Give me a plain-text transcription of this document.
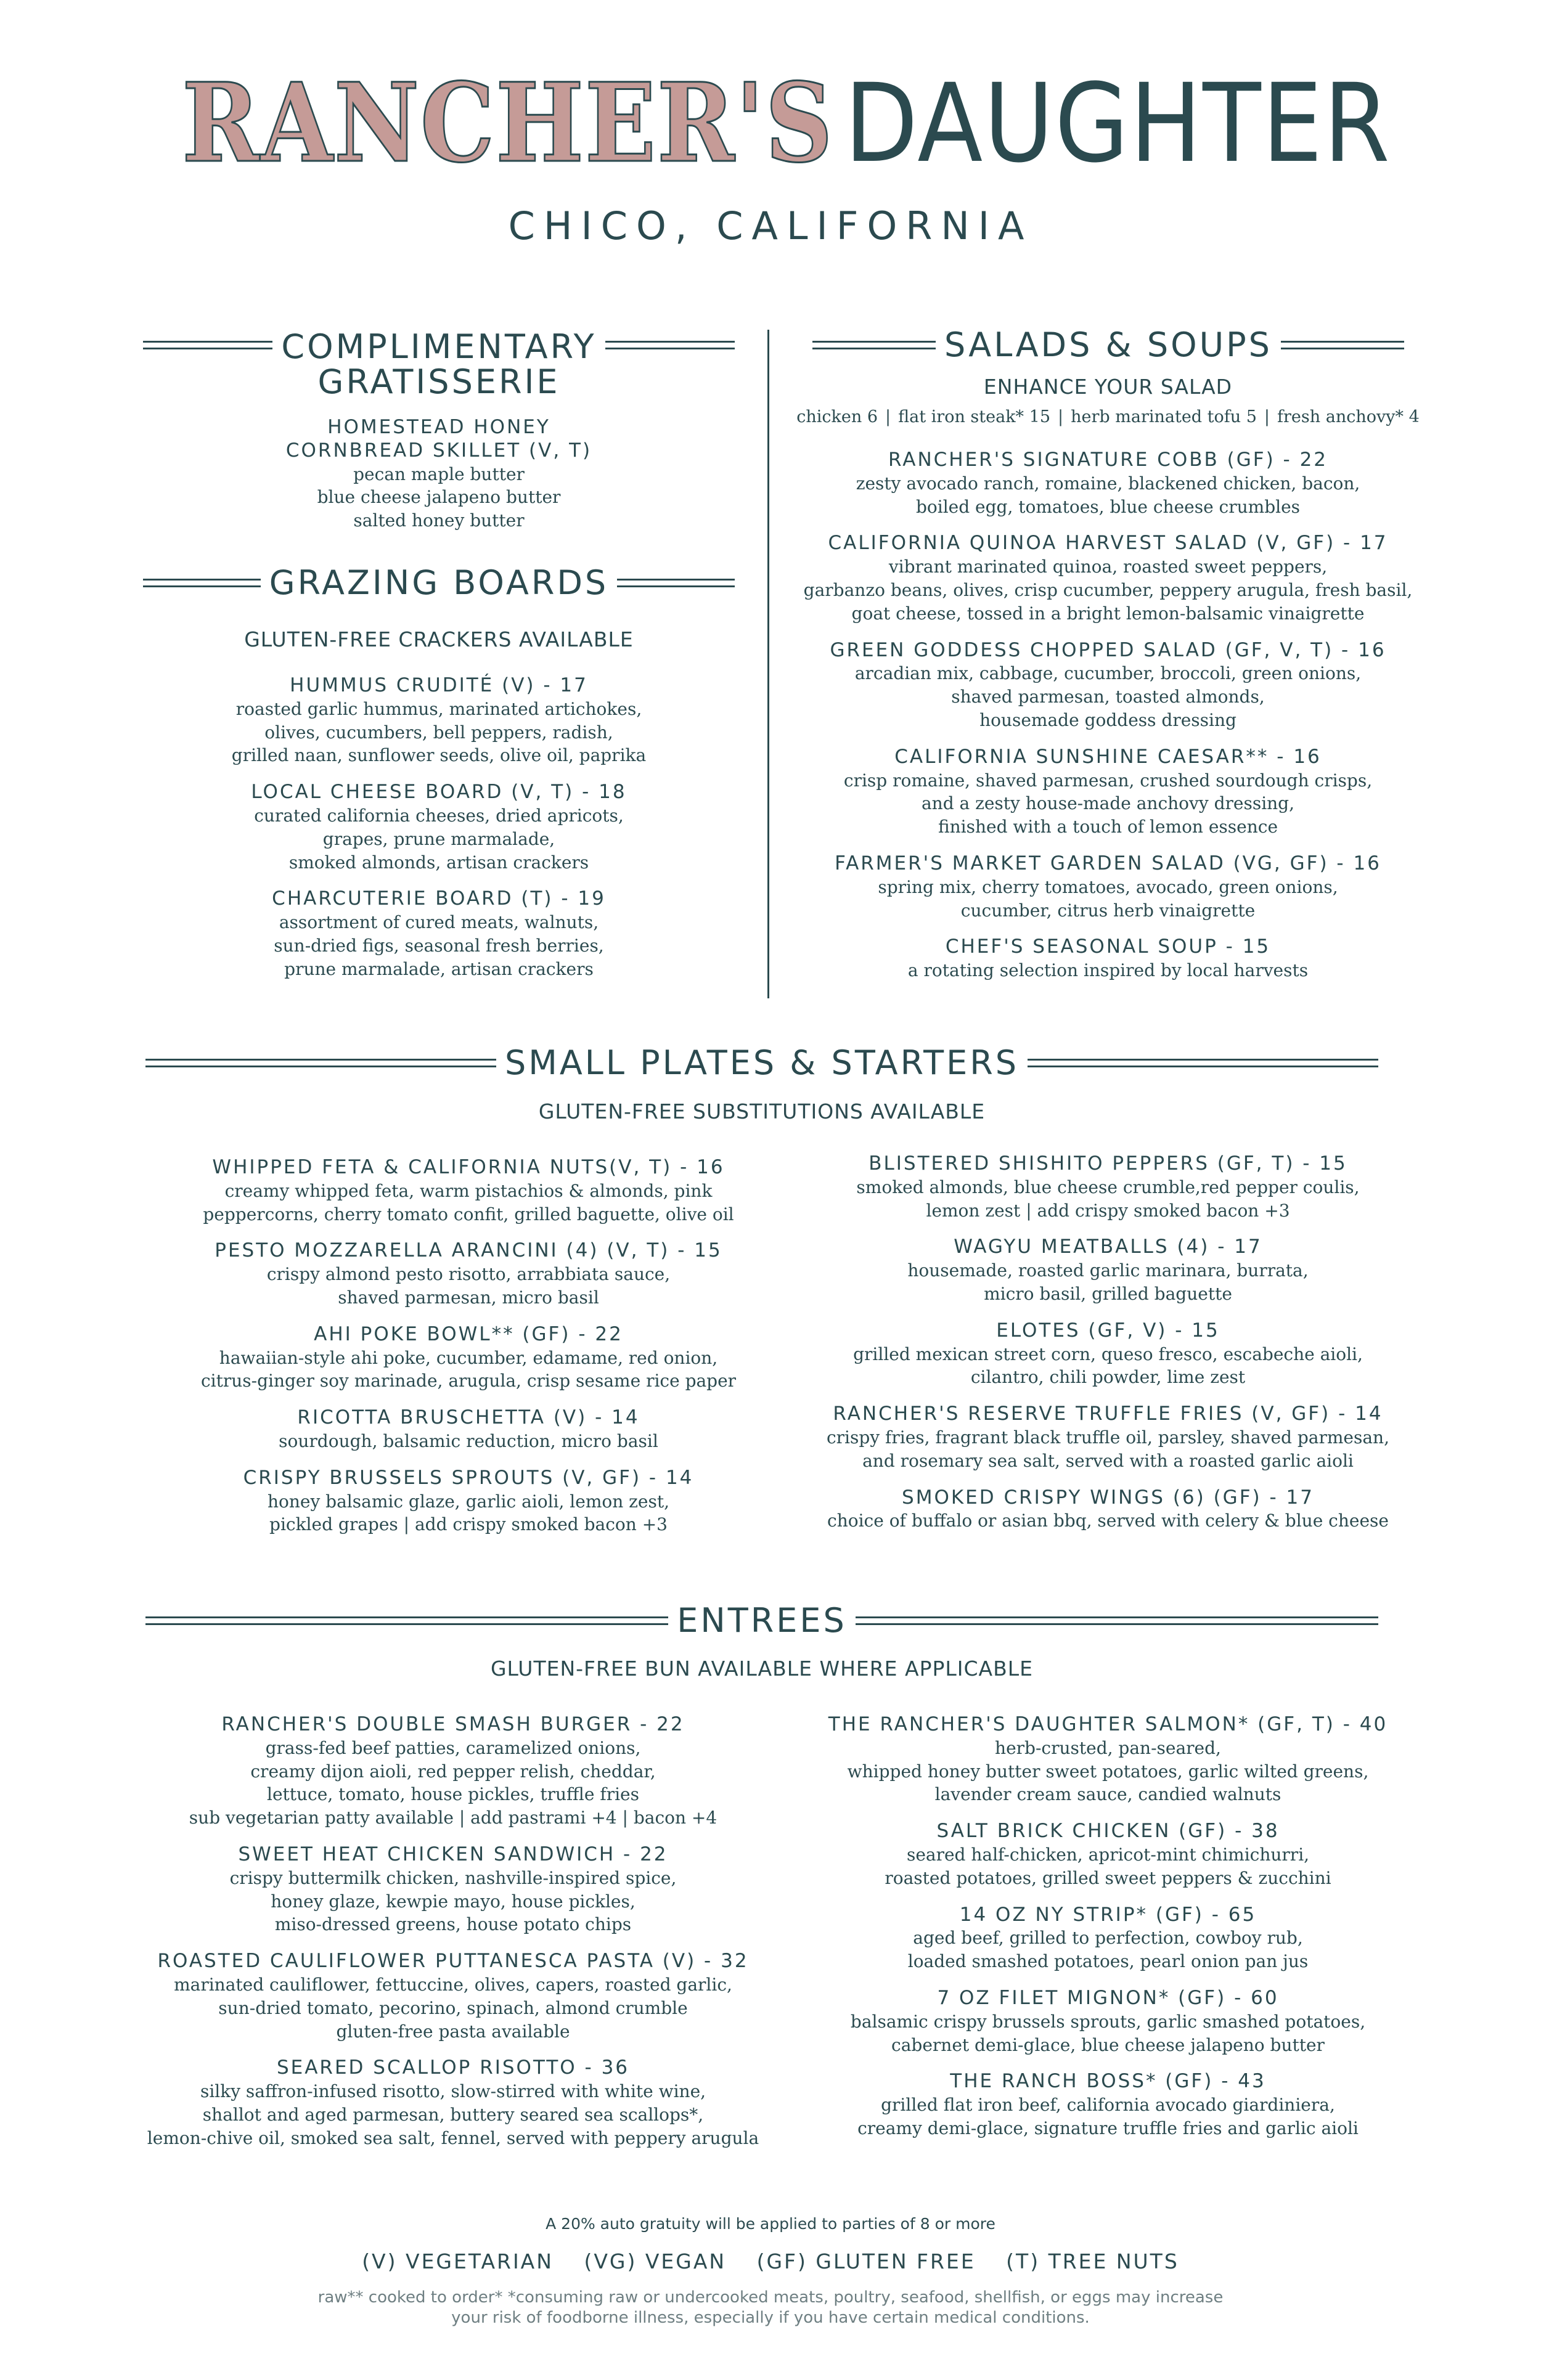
RANCHER'S DAUGHTER
CHICO, CALIFORNIA
COMPLIMENTARY
GRATISSERIE
HOMESTEAD HONEY
CORNBREAD SKILLET (V, T)
pecan maple butter
blue cheese jalapeno butter
salted honey butter
GRAZING BOARDS
GLUTEN-FREE CRACKERS AVAILABLE
HUMMUS CRUDITÉ (V) - 17
roasted garlic hummus, marinated artichokes,
olives, cucumbers, bell peppers, radish,
grilled naan, sunflower seeds, olive oil, paprika
LOCAL CHEESE BOARD (V, T) - 18
curated california cheeses, dried apricots,
grapes, prune marmalade,
smoked almonds, artisan crackers
CHARCUTERIE BOARD (T) - 19
assortment of cured meats, walnuts,
sun-dried figs, seasonal fresh berries,
prune marmalade, artisan crackers
SALADS & SOUPS
ENHANCE YOUR SALAD
chicken 6 | flat iron steak* 15 | herb marinated tofu 5 | fresh anchovy* 4
RANCHER'S SIGNATURE COBB (GF) - 22
zesty avocado ranch, romaine, blackened chicken, bacon,
boiled egg, tomatoes, blue cheese crumbles
CALIFORNIA QUINOA HARVEST SALAD (V, GF) - 17
vibrant marinated quinoa, roasted sweet peppers,
garbanzo beans, olives, crisp cucumber, peppery arugula, fresh basil,
goat cheese, tossed in a bright lemon-balsamic vinaigrette
GREEN GODDESS CHOPPED SALAD (GF, V, T) - 16
arcadian mix, cabbage, cucumber, broccoli, green onions,
shaved parmesan, toasted almonds,
housemade goddess dressing
CALIFORNIA SUNSHINE CAESAR** - 16
crisp romaine, shaved parmesan, crushed sourdough crisps,
and a zesty house-made anchovy dressing,
finished with a touch of lemon essence
FARMER'S MARKET GARDEN SALAD (VG, GF) - 16
spring mix, cherry tomatoes, avocado, green onions,
cucumber, citrus herb vinaigrette
CHEF'S SEASONAL SOUP - 15
a rotating selection inspired by local harvests
SMALL PLATES & STARTERS
GLUTEN-FREE SUBSTITUTIONS AVAILABLE
WHIPPED FETA & CALIFORNIA NUTS(V, T) - 16
creamy whipped feta, warm pistachios & almonds, pink
peppercorns, cherry tomato confit, grilled baguette, olive oil
PESTO MOZZARELLA ARANCINI (4) (V, T) - 15
crispy almond pesto risotto, arrabbiata sauce,
shaved parmesan, micro basil
AHI POKE BOWL** (GF) - 22
hawaiian-style ahi poke, cucumber, edamame, red onion,
citrus-ginger soy marinade, arugula, crisp sesame rice paper
RICOTTA BRUSCHETTA (V) - 14
sourdough, balsamic reduction, micro basil
CRISPY BRUSSELS SPROUTS (V, GF) - 14
honey balsamic glaze, garlic aioli, lemon zest,
pickled grapes | add crispy smoked bacon +3
BLISTERED SHISHITO PEPPERS (GF, T) - 15
smoked almonds, blue cheese crumble,red pepper coulis,
lemon zest | add crispy smoked bacon +3
WAGYU MEATBALLS (4) - 17
housemade, roasted garlic marinara, burrata,
micro basil, grilled baguette
ELOTES (GF, V) - 15
grilled mexican street corn, queso fresco, escabeche aioli,
cilantro, chili powder, lime zest
RANCHER'S RESERVE TRUFFLE FRIES (V, GF) - 14
crispy fries, fragrant black truffle oil, parsley, shaved parmesan,
and rosemary sea salt, served with a roasted garlic aioli
SMOKED CRISPY WINGS (6) (GF) - 17
choice of buffalo or asian bbq, served with celery & blue cheese
ENTREES
GLUTEN-FREE BUN AVAILABLE WHERE APPLICABLE
RANCHER'S DOUBLE SMASH BURGER - 22
grass-fed beef patties, caramelized onions,
creamy dijon aioli, red pepper relish, cheddar,
lettuce, tomato, house pickles, truffle fries
sub vegetarian patty available | add pastrami +4 | bacon +4
SWEET HEAT CHICKEN SANDWICH - 22
crispy buttermilk chicken, nashville-inspired spice,
honey glaze, kewpie mayo, house pickles,
miso-dressed greens, house potato chips
ROASTED CAULIFLOWER PUTTANESCA PASTA (V) - 32
marinated cauliflower, fettuccine, olives, capers, roasted garlic,
sun-dried tomato, pecorino, spinach, almond crumble
gluten-free pasta available
SEARED SCALLOP RISOTTO - 36
silky saffron-infused risotto, slow-stirred with white wine,
shallot and aged parmesan, buttery seared sea scallops*,
lemon-chive oil, smoked sea salt, fennel, served with peppery arugula
THE RANCHER'S DAUGHTER SALMON* (GF, T) - 40
herb-crusted, pan-seared,
whipped honey butter sweet potatoes, garlic wilted greens,
lavender cream sauce, candied walnuts
SALT BRICK CHICKEN (GF) - 38
seared half-chicken, apricot-mint chimichurri,
roasted potatoes, grilled sweet peppers & zucchini
14 OZ NY STRIP* (GF) - 65
aged beef, grilled to perfection, cowboy rub,
loaded smashed potatoes, pearl onion pan jus
7 OZ FILET MIGNON* (GF) - 60
balsamic crispy brussels sprouts, garlic smashed potatoes,
cabernet demi-glace, blue cheese jalapeno butter
THE RANCH BOSS* (GF) - 43
grilled flat iron beef, california avocado giardiniera,
creamy demi-glace, signature truffle fries and garlic aioli
A 20% auto gratuity will be applied to parties of 8 or more
(V) VEGETARIAN (VG) VEGAN (GF) GLUTEN FREE (T) TREE NUTS
raw** cooked to order* *consuming raw or undercooked meats, poultry, seafood, shellfish, or eggs may increase
your risk of foodborne illness, especially if you have certain medical conditions.
